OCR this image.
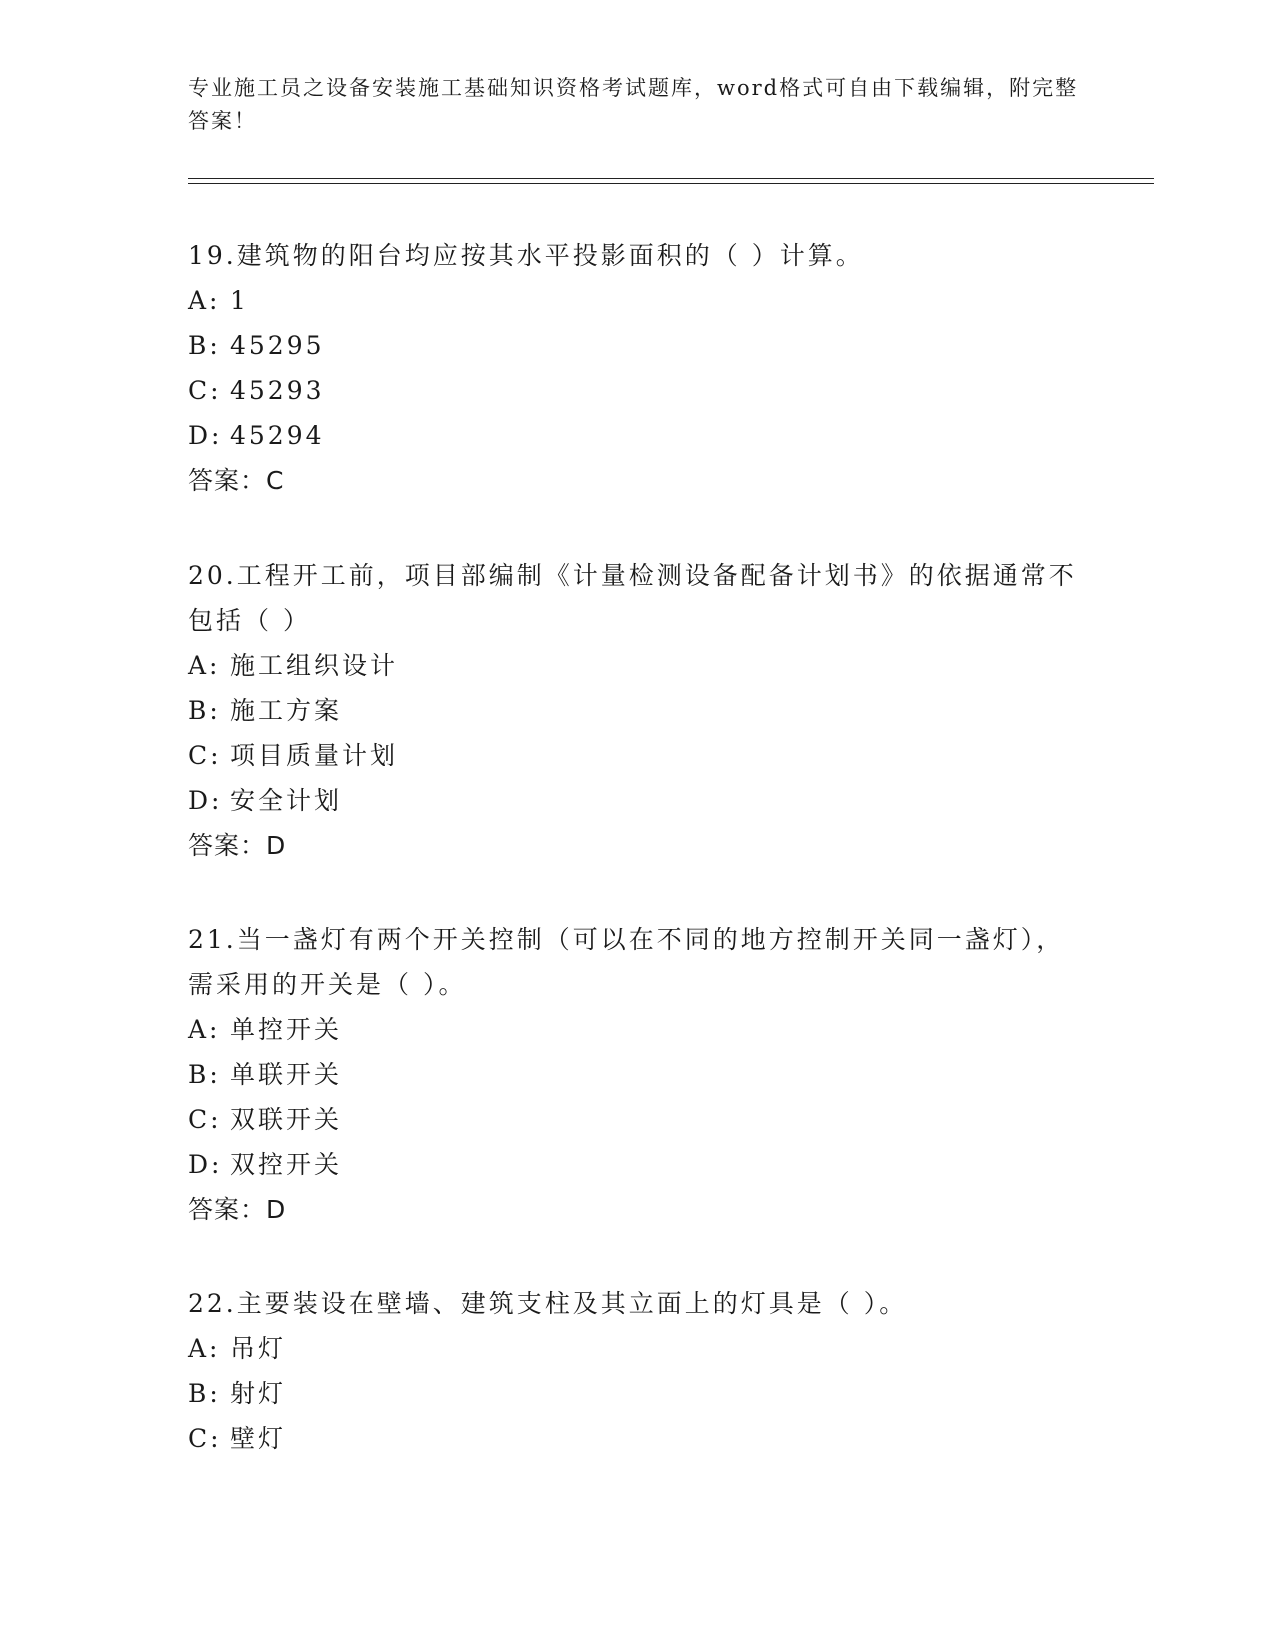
专业施工员之设备安装施工基础知识资格考试题库，word格式可自由下载编辑，附完整答案！

19.建筑物的阳台均应按其水平投影面积的（ ）计算。

A: 1

B: 45295

C: 45293

D: 45294

答案：C

20.工程开工前，项目部编制《计量检测设备配备计划书》的依据通常不包括（ ）

A: 施工组织设计

B: 施工方案

C: 项目质量计划

D: 安全计划

答案：D

21.当一盏灯有两个开关控制（可以在不同的地方控制开关同一盏灯），需采用的开关是（ ）。

A: 单控开关

B: 单联开关

C: 双联开关

D: 双控开关

答案：D

22.主要装设在壁墙、建筑支柱及其立面上的灯具是（ ）。

A: 吊灯

B: 射灯

C: 壁灯
